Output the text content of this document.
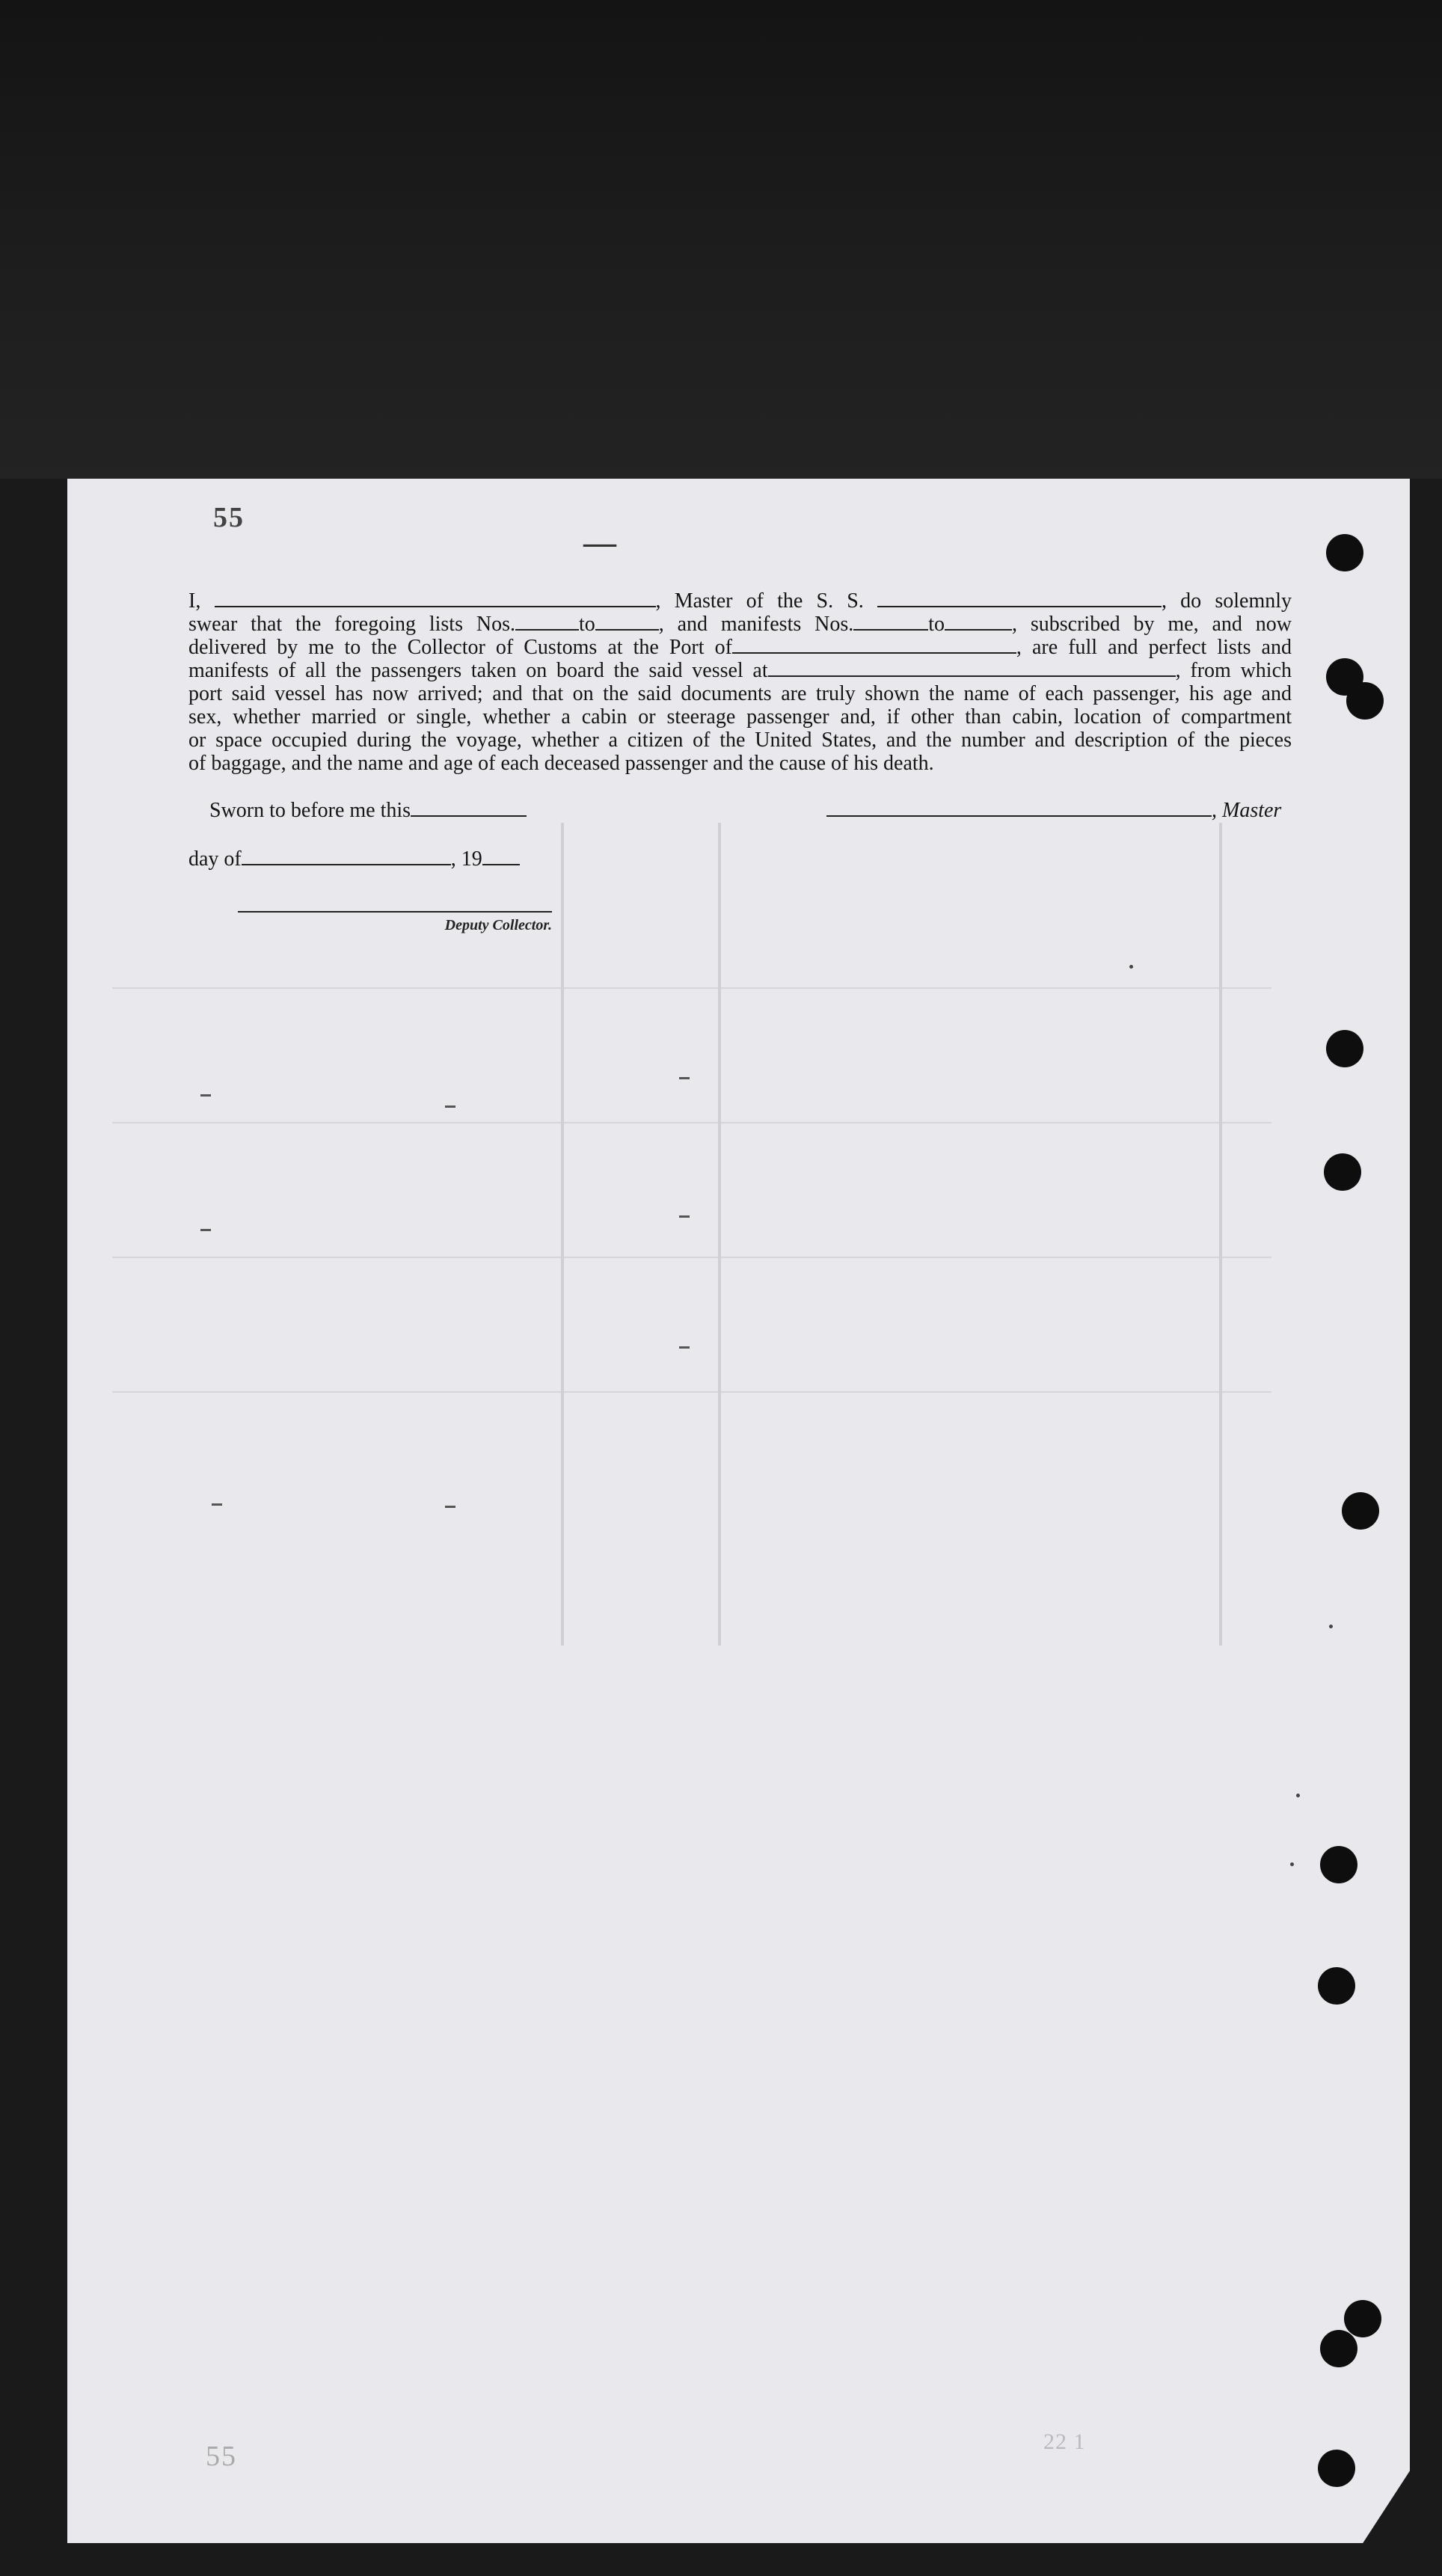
55
—

I,	, Master of the S. S.	, do solemnly

swear that the foregoing lists Nos.	to	, and manifests Nos.	to	, subscribed by me, and now

delivered by me to the Collector of Customs at the Port of	, are full and perfect lists and

manifests of all the passengers taken on board the said vessel at	, from which

port said vessel has now arrived; and that on the said documents are truly shown the name of each passenger, his age and

sex, whether married or single, whether a cabin or steerage passenger and, if other than cabin, location of compartment

or space occupied during the voyage, whether a citizen of the United States, and the number and description of the pieces

of baggage, and the name and age of each deceased passenger and the cause of his death.

Sworn to before me this	, Master
day of	, 19
Deputy Collector.
22 1
55
